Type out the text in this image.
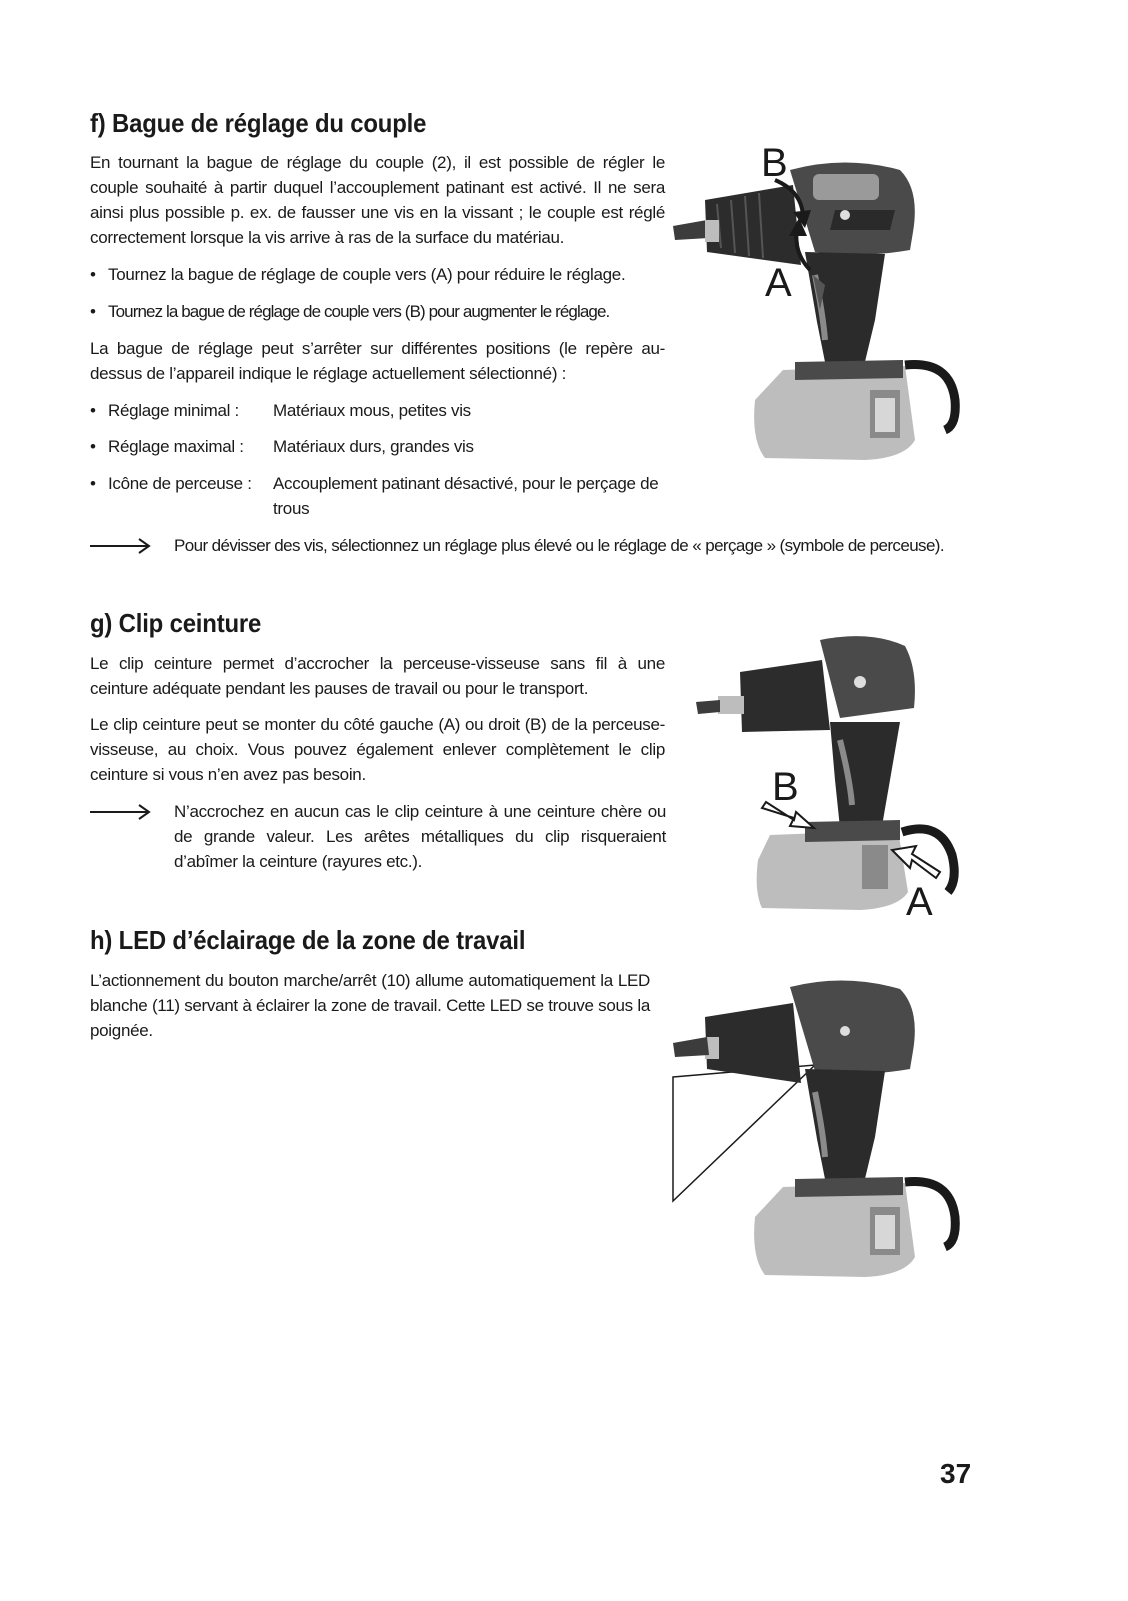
f) Bague de réglage du couple

En tournant la bague de réglage du couple (2), il est possible de régler le couple souhaité à partir duquel l’accouplement patinant est activé. Il ne sera ainsi plus possible p. ex. de fausser une vis en la vissant ; le couple est réglé correctement lorsque la vis arrive à ras de la surface du matériau.

• Tournez la bague de réglage de couple vers (A) pour réduire le réglage.
• Tournez la bague de réglage de couple vers (B) pour augmenter le réglage.

La bague de réglage peut s’arrêter sur différentes positions (le repère au-dessus de l’appareil indique le réglage actuellement sélectionné) :

• Réglage minimal : Matériaux mous, petites vis
• Réglage maximal : Matériaux durs, grandes vis
• Icône de perceuse : Accouplement patinant désactivé, pour le perçage de trous
Pour dévisser des vis, sélectionnez un réglage plus élevé ou le réglage de « perçage » (symbole de perceuse).
B
A
g) Clip ceinture

Le clip ceinture permet d’accrocher la perceuse-visseuse sans fil à une ceinture adéquate pendant les pauses de travail ou pour le transport.

Le clip ceinture peut se monter du côté gauche (A) ou droit (B) de la perceuse-visseuse, au choix. Vous pouvez également enlever complètement le clip ceinture si vous n’en avez pas besoin.

N’accrochez en aucun cas le clip ceinture à une ceinture chère ou de grande valeur. Les arêtes métalliques du clip risqueraient d’abîmer la ceinture (rayures etc.).

B
A
h) LED d’éclairage de la zone de travail

L’actionnement du bouton marche/arrêt (10) allume automatiquement la LED blanche (11) servant à éclairer la zone de travail. Cette LED se trouve sous la poignée.

37
